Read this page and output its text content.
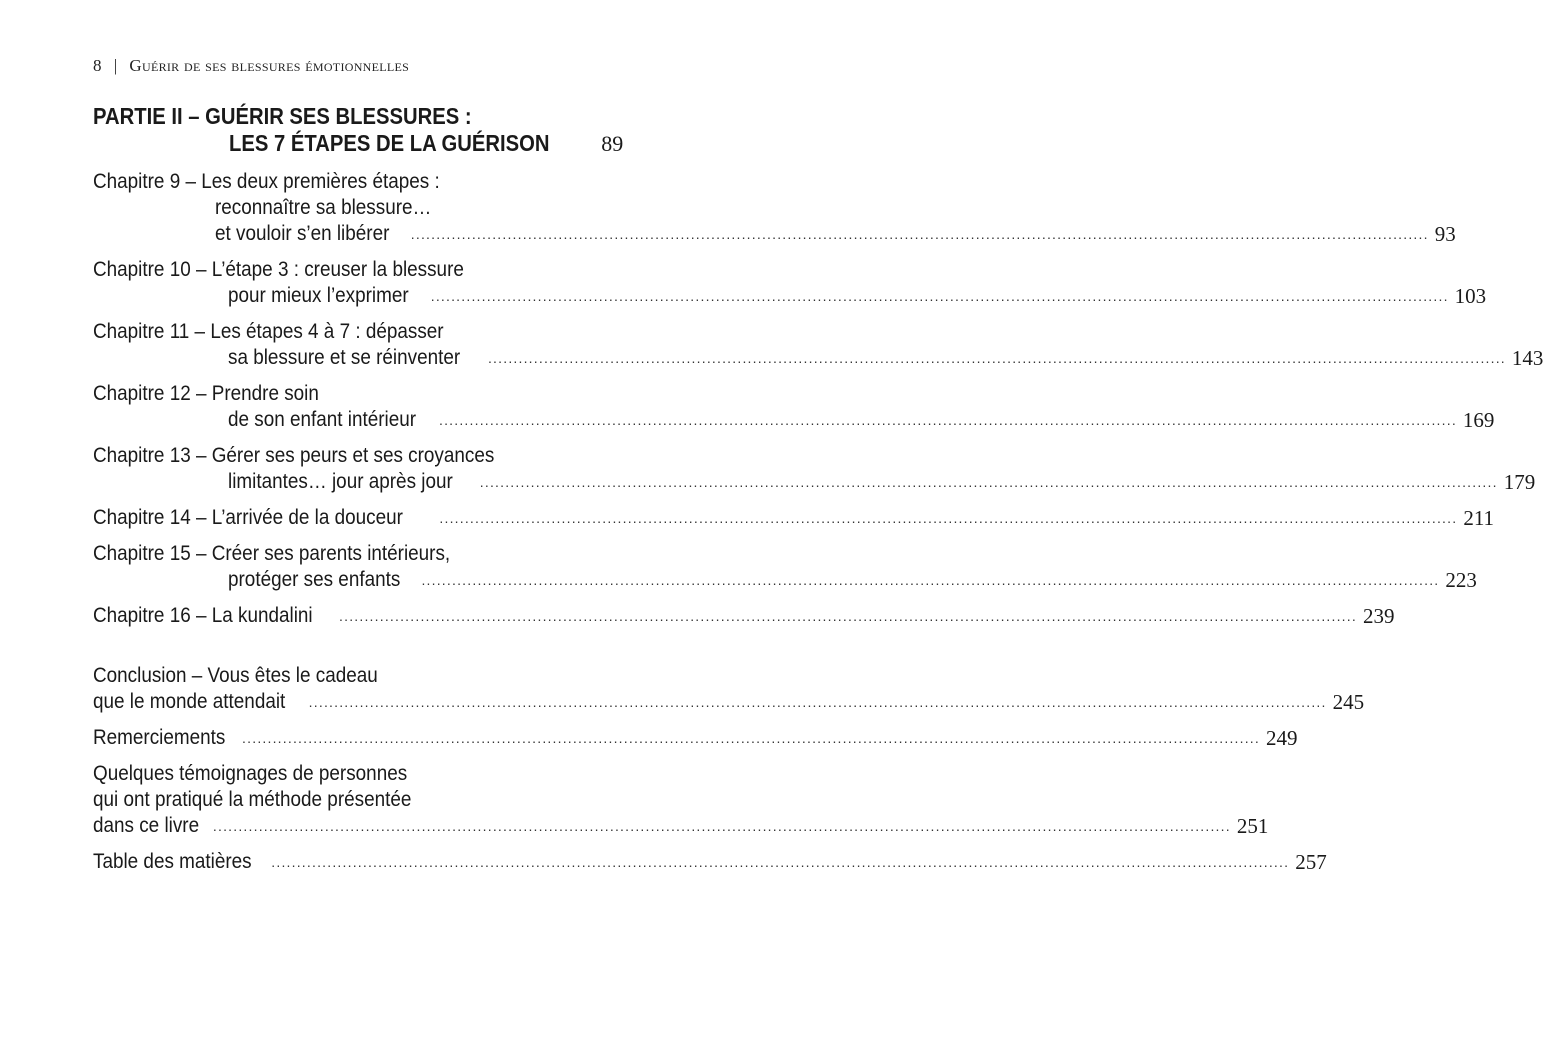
8 | Guérir de ses blessures émotionnelles
PARTIE II – GUÉRIR SES BLESSURES :
LES 7 ÉTAPES DE LA GUÉRISON 89
Chapitre 9 – Les deux premières étapes :
reconnaître sa blessure…
et vouloir s’en libérer	........................................................................................................................................................................................................ 93
Chapitre 10 – L’étape 3 : creuser la blessure
pour mieux l’exprimer	........................................................................................................................................................................................................ 103
Chapitre 11 – Les étapes 4 à 7 : dépasser
sa blessure et se réinventer	........................................................................................................................................................................................................ 143
Chapitre 12 – Prendre soin
de son enfant intérieur	........................................................................................................................................................................................................ 169
Chapitre 13 – Gérer ses peurs et ses croyances
limitantes… jour après jour	........................................................................................................................................................................................................ 179
Chapitre 14 – L’arrivée de la douceur	........................................................................................................................................................................................................ 211
Chapitre 15 – Créer ses parents intérieurs,
protéger ses enfants	........................................................................................................................................................................................................ 223
Chapitre 16 – La kundalini	........................................................................................................................................................................................................ 239
Conclusion – Vous êtes le cadeau
que le monde attendait	........................................................................................................................................................................................................ 245
Remerciements	........................................................................................................................................................................................................ 249
Quelques témoignages de personnes
qui ont pratiqué la méthode présentée
dans ce livre ........................................................................................................................................................................................................ 251
Table des matières	........................................................................................................................................................................................................ 257
